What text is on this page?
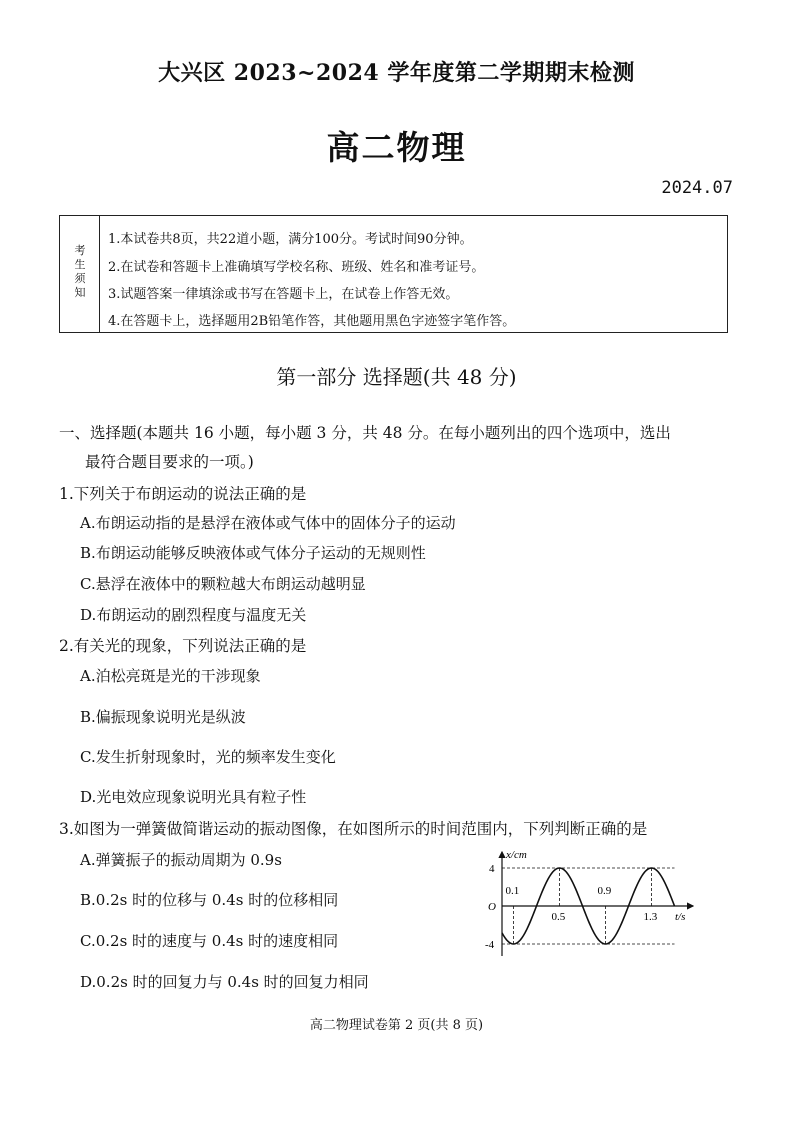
大兴区 2023~2024 学年度第二学期期末检测
高二物理
2024.07
考生须知
1.本试卷共8页，共22道小题，满分100分。考试时间90分钟。
2.在试卷和答题卡上准确填写学校名称、班级、姓名和准考证号。
3.试题答案一律填涂或书写在答题卡上，在试卷上作答无效。
4.在答题卡上，选择题用2B铅笔作答，其他题用黑色字迹签字笔作答。
第一部分 选择题(共 48 分)
一、选择题(本题共 16 小题，每小题 3 分，共 48 分。在每小题列出的四个选项中，选出
最符合题目要求的一项。)
1.下列关于布朗运动的说法正确的是
A.布朗运动指的是悬浮在液体或气体中的固体分子的运动
B.布朗运动能够反映液体或气体分子运动的无规则性
C.悬浮在液体中的颗粒越大布朗运动越明显
D.布朗运动的剧烈程度与温度无关
2.有关光的现象，下列说法正确的是
A.泊松亮斑是光的干涉现象
B.偏振现象说明光是纵波
C.发生折射现象时，光的频率发生变化
D.光电效应现象说明光具有粒子性
3.如图为一弹簧做简谐运动的振动图像，在如图所示的时间范围内，下列判断正确的是
A.弹簧振子的振动周期为 0.9s
B.0.2s 时的位移与 0.4s 时的位移相同
C.0.2s 时的速度与 0.4s 时的速度相同
D.0.2s 时的回复力与 0.4s 时的回复力相同
x/cm
4
-4
O
0.1
0.5
0.9
1.3 t/s
高二物理试卷第 2 页(共 8 页)
